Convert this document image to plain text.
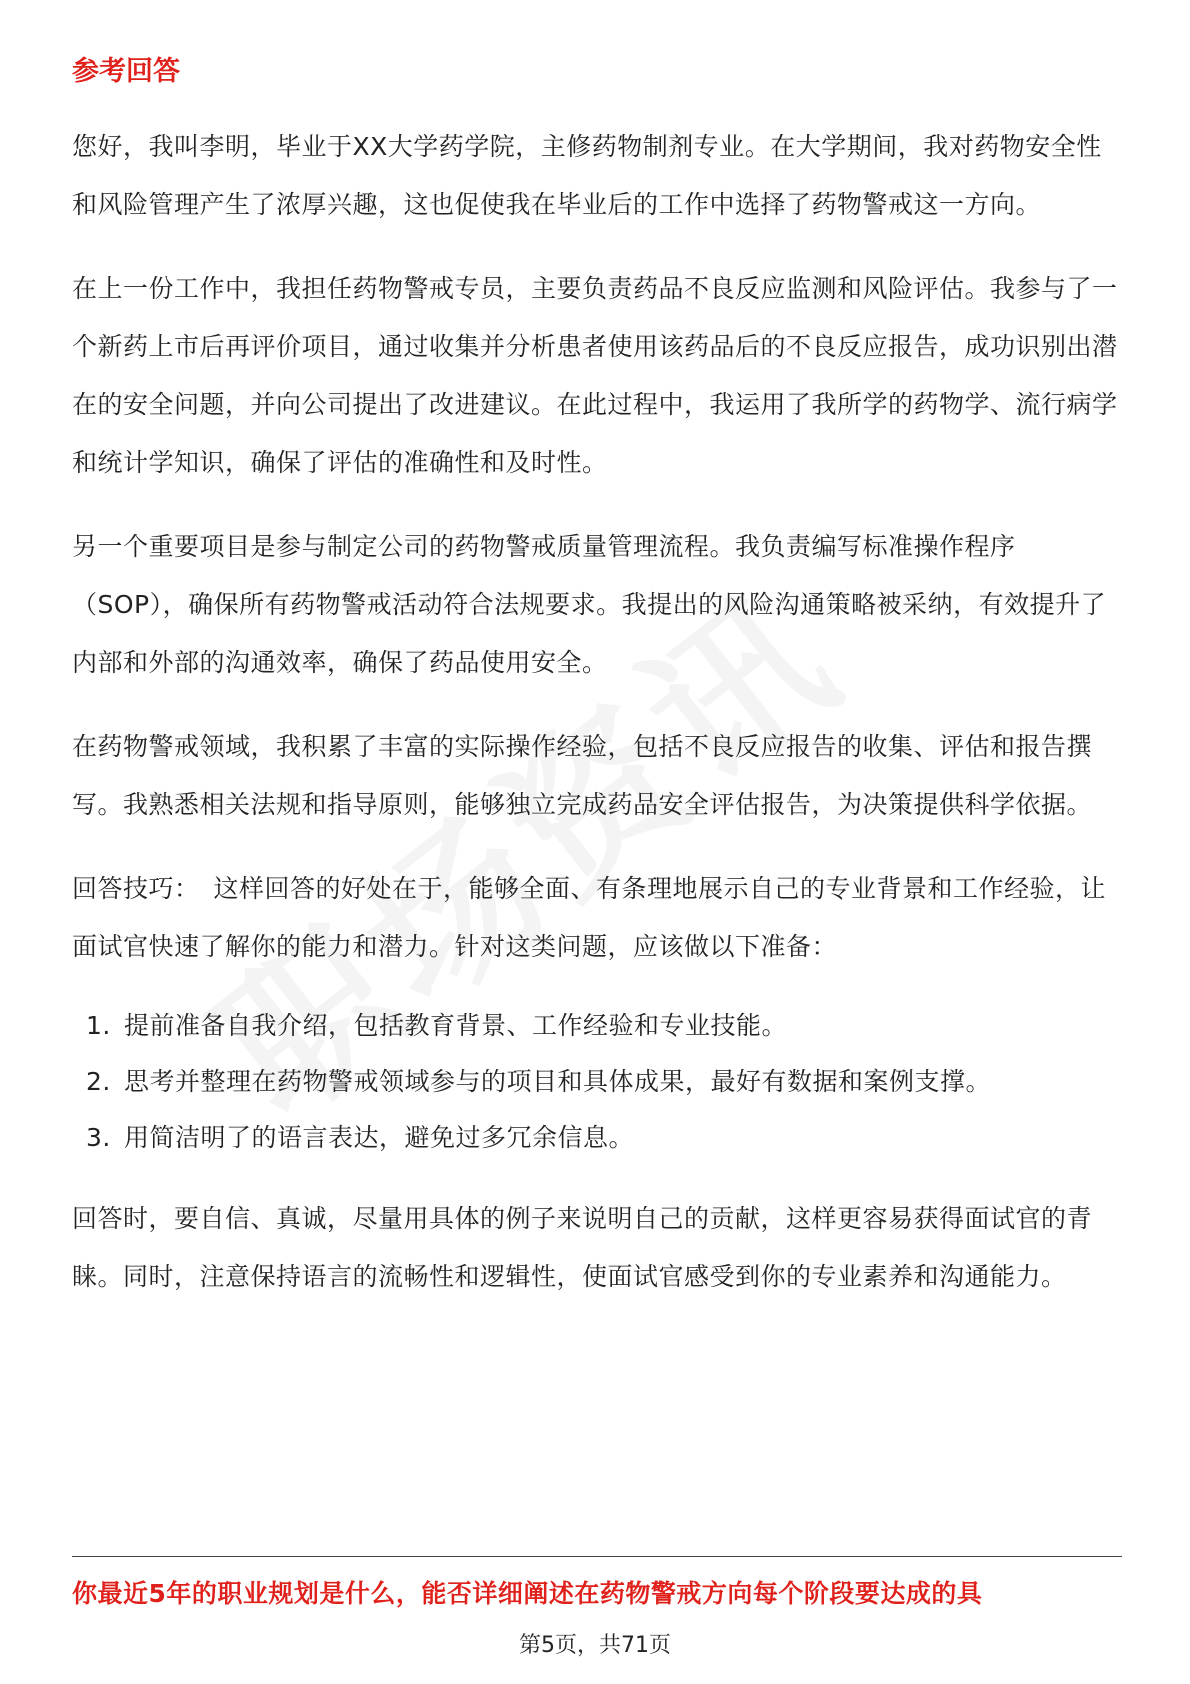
参考回答

您好，我叫李明，毕业于XX大学药学院，主修药物制剂专业。在大学期间，我对药物安全性和风险管理产生了浓厚兴趣，这也促使我在毕业后的工作中选择了药物警戒这一方向。

在上一份工作中，我担任药物警戒专员，主要负责药品不良反应监测和风险评估。我参与了一个新药上市后再评价项目，通过收集并分析患者使用该药品后的不良反应报告，成功识别出潜在的安全问题，并向公司提出了改进建议。在此过程中，我运用了我所学的药物学、流行病学和统计学知识，确保了评估的准确性和及时性。

另一个重要项目是参与制定公司的药物警戒质量管理流程。我负责编写标准操作程序（SOP），确保所有药物警戒活动符合法规要求。我提出的风险沟通策略被采纳，有效提升了内部和外部的沟通效率，确保了药品使用安全。

在药物警戒领域，我积累了丰富的实际操作经验，包括不良反应报告的收集、评估和报告撰写。我熟悉相关法规和指导原则，能够独立完成药品安全评估报告，为决策提供科学依据。

回答技巧： 这样回答的好处在于，能够全面、有条理地展示自己的专业背景和工作经验，让面试官快速了解你的能力和潜力。针对这类问题，应该做以下准备：

1. 提前准备自我介绍，包括教育背景、工作经验和专业技能。
2. 思考并整理在药物警戒领域参与的项目和具体成果，最好有数据和案例支撑。
3. 用简洁明了的语言表达，避免过多冗余信息。

回答时，要自信、真诚，尽量用具体的例子来说明自己的贡献，这样更容易获得面试官的青睐。同时，注意保持语言的流畅性和逻辑性，使面试官感受到你的专业素养和沟通能力。

你最近5年的职业规划是什么，能否详细阐述在药物警戒方向每个阶段要达成的具
第5页，共71页
